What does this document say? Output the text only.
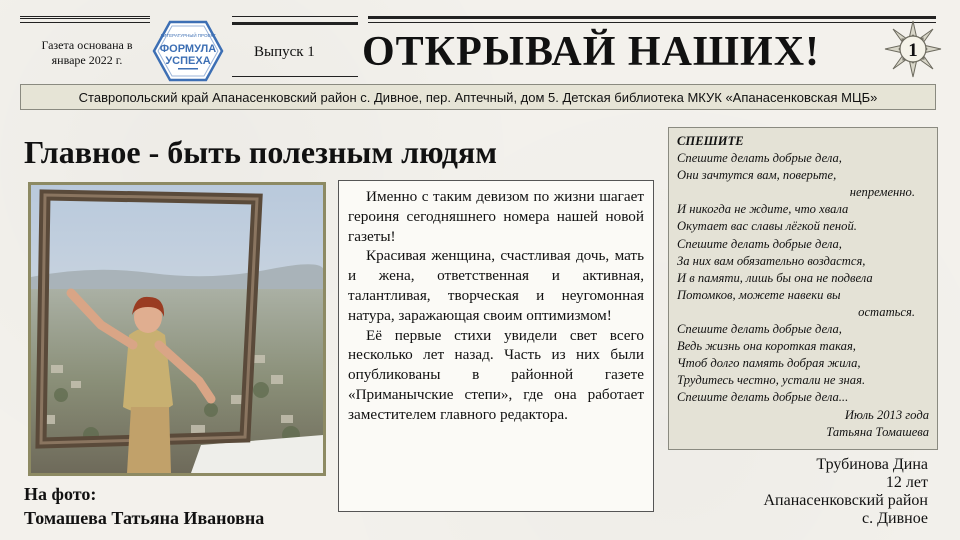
Газета основана в январе 2022 г.
ЛИТЕРАТУРНЫЙ ПРОЕКТ
ФОРМУЛА
УСПЕХА
Выпуск 1 ОТКРЫВАЙ НАШИХ!	1
Ставропольский край Апанасенковский район с. Дивное, пер. Аптечный, дом 5. Детская библиотека МКУК «Апанасенковская МЦБ»
Главное - быть полезным людям
На фото:
Томашева Татьяна Ивановна

Именно с таким девизом по жизни шагает героиня сегодняшнего номера нашей новой газеты!

Красивая женщина, счастливая дочь, мать и жена, ответственная и активная, талантливая, творческая и неугомонная натура, заражающая своим оптимизмом!

Её первые стихи увидели свет всего несколько лет назад. Часть из них были опубликованы в районной газете «Приманычские степи», где она работает заместителем главного редактора.

СПЕШИТЕ
Спешите делать добрые дела,
Они зачтутся вам, поверьте,
непременно.
И никогда не ждите, что хвала
Окутает вас славы лёгкой пеной.
Спешите делать добрые дела,
За них вам обязательно воздастся,
И в памяти, лишь бы она не подвела
Потомков, можете навеки вы
остаться.
Спешите делать добрые дела,
Ведь жизнь она короткая такая,
Чтоб долго память добрая жила,
Трудитесь честно, устали не зная.
Спешите делать добрые дела...
Июль 2013 года
Татьяна Томашева
Трубинова Дина
12 лет
Апанасенковский район
с. Дивное
